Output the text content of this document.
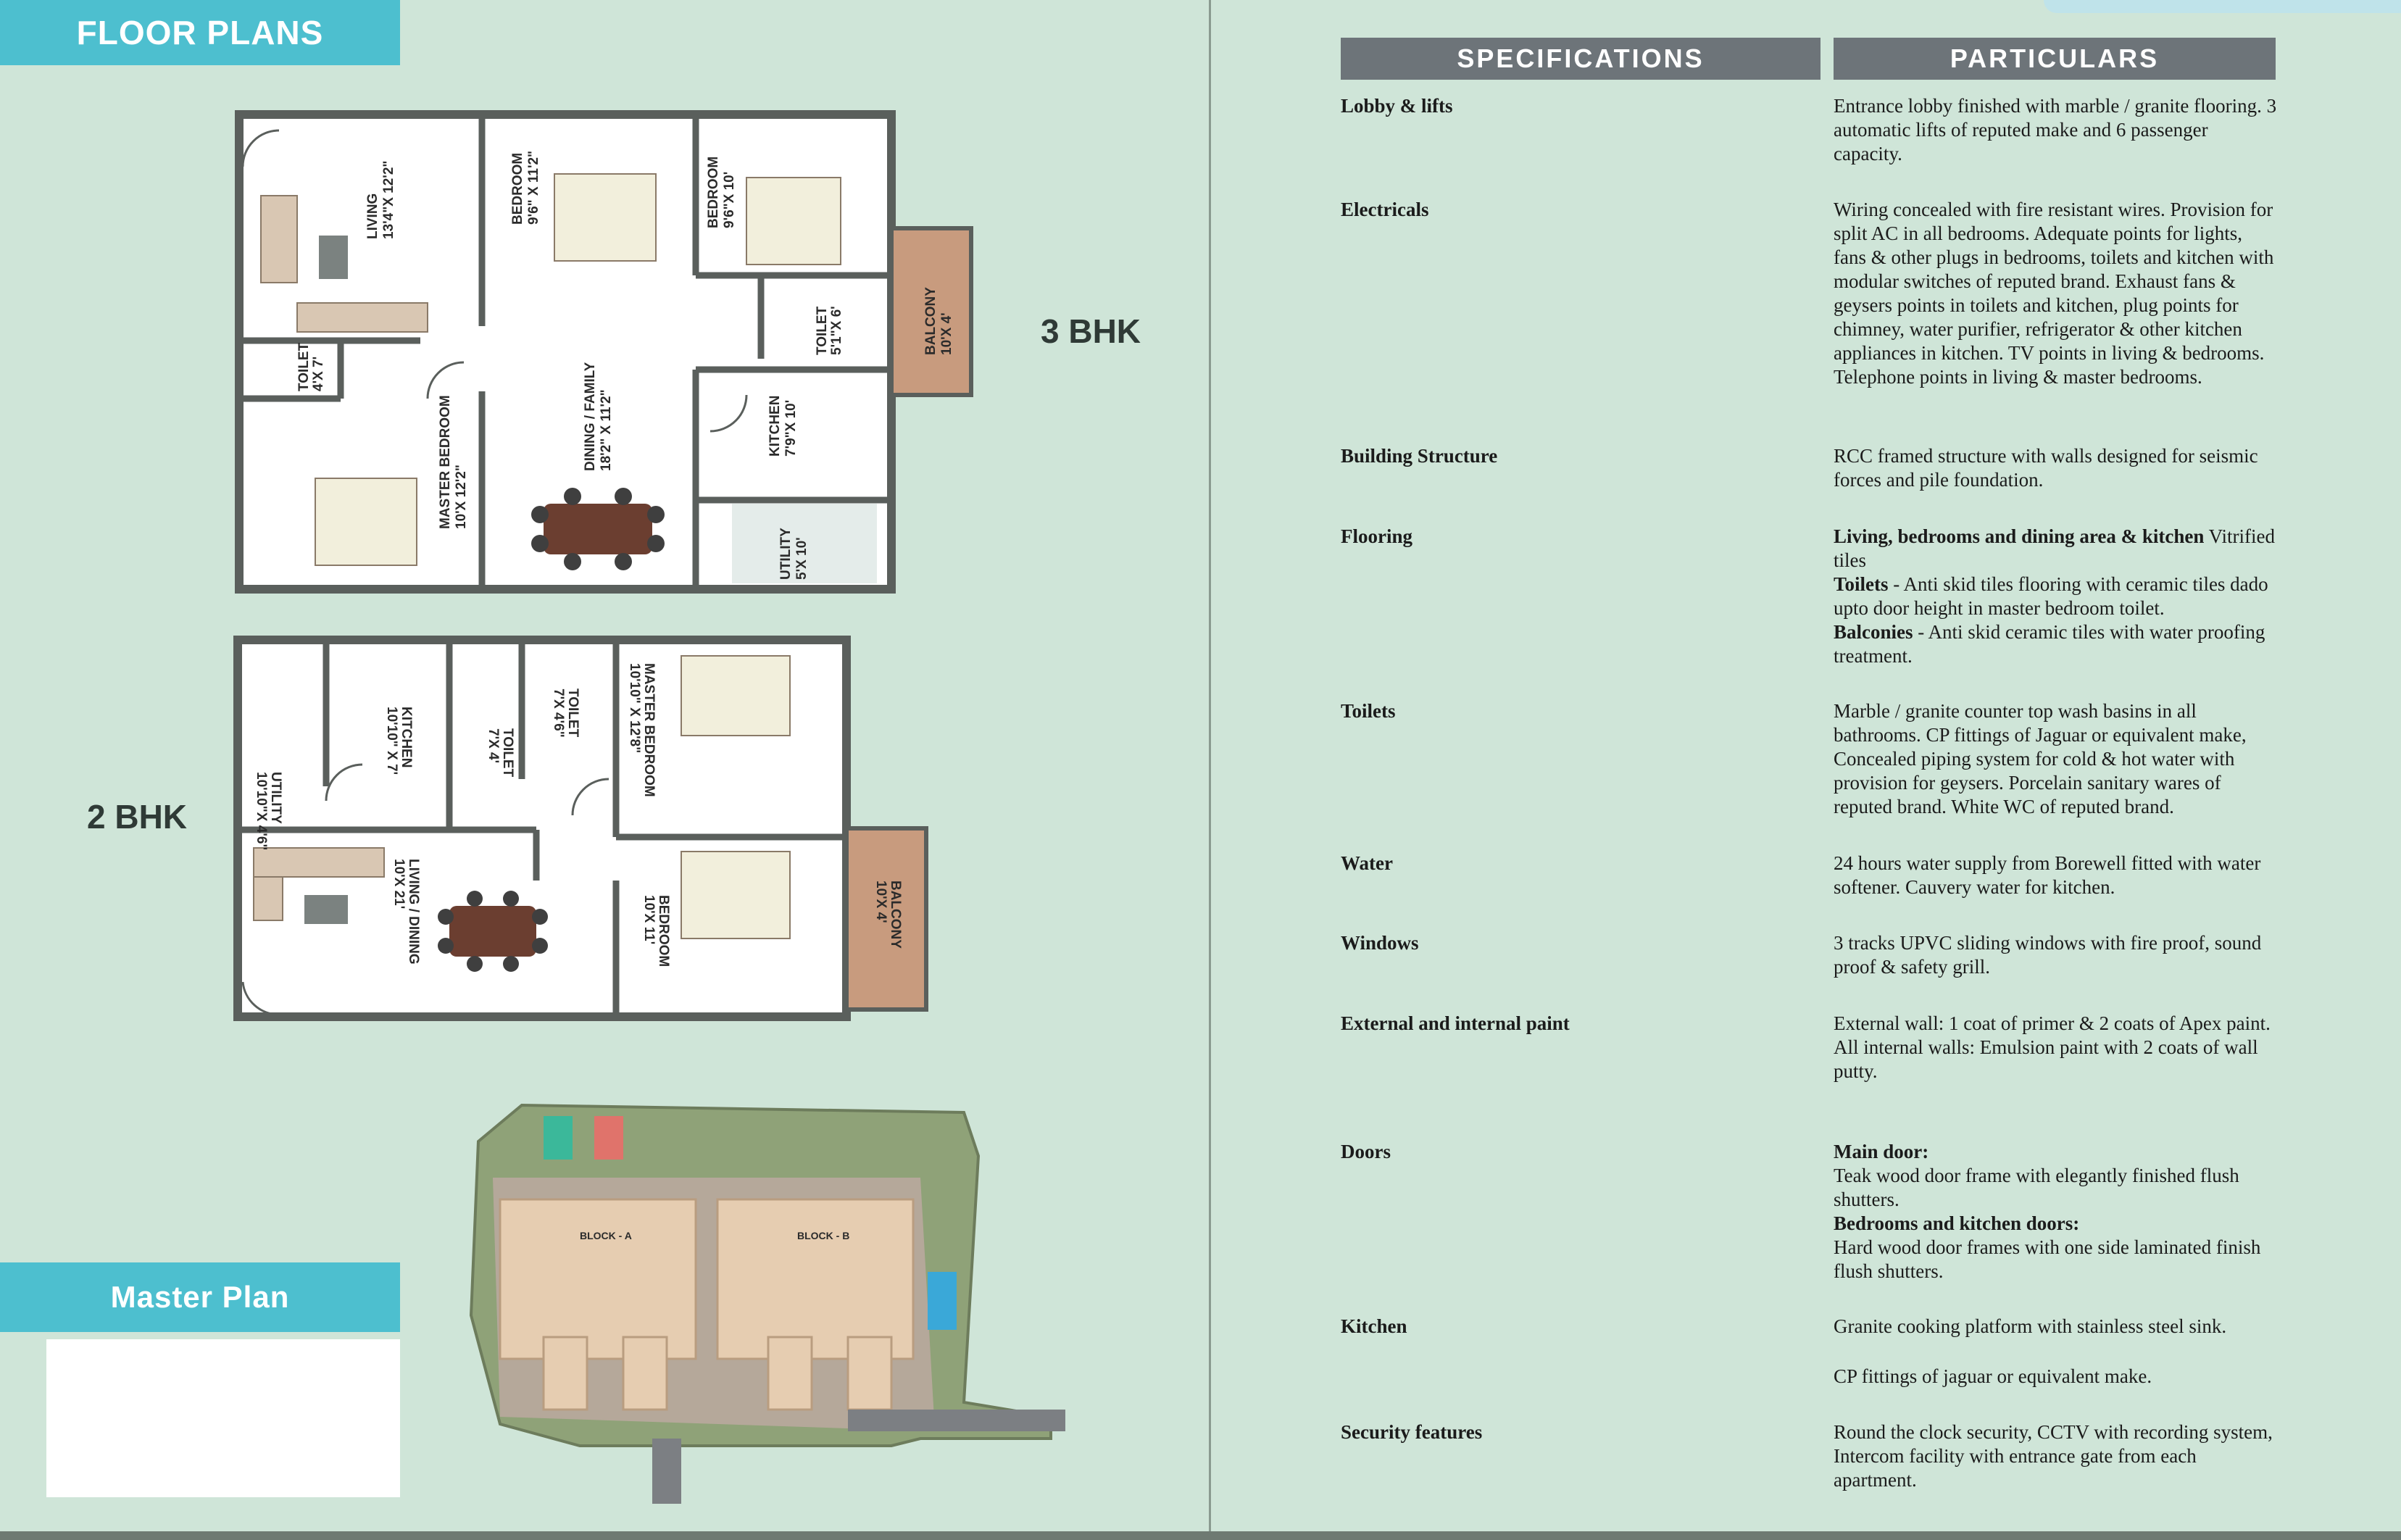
FLOOR PLANS
LIVING 13'4"X 12'2"	BEDROOM 9'6" X 11'2"	BEDROOM 9'6"X 10'
TOILET 4'X 7'
TOILET 5'1"X 6'
MASTER BEDROOM 10'X 12'2"
DINING / FAMILY 18'2" X 11'2"	KITCHEN 7'9"X 10'
UTILITY 5'X 10'
BALCONY 10'X 4'	3 BHK
UTILITY
10'10"X 4'6"
KITCHEN
10'10" X 7'	TOILET
7'X 4'
TOILET
7'X 4'6"	MASTER BEDROOM
10'10" X 12'8"
LIVING / DINING
10'X 21'
BEDROOM
10'X 11'	BALCONY
10'X 4'
2 BHK
BLOCK - A	BLOCK - B
Master Plan
SPECIFICATIONS	PARTICULARS
Lobby & lifts	Entrance lobby finished with marble / granite flooring. 3 automatic lifts of reputed make and 6 passenger capacity.
Electricals	Wiring concealed with fire resistant wires. Provision for split AC in all bedrooms. Adequate points for lights, fans & other plugs in bedrooms, toilets and kitchen with modular switches of reputed brand. Exhaust fans & geysers points in toilets and kitchen, plug points for chimney, water purifier, refrigerator & other kitchen appliances in kitchen. TV points in living & bedrooms. Telephone points in living & master bedrooms.
Building Structure	RCC framed structure with walls designed for seismic forces and pile foundation.
Flooring	Living, bedrooms and dining area & kitchen Vitrified tiles
Toilets - Anti skid tiles flooring with ceramic tiles dado upto door height in master bedroom toilet.
Balconies - Anti skid ceramic tiles with water proofing treatment.
Toilets	Marble / granite counter top wash basins in all bathrooms. CP fittings of Jaguar or equivalent make, Concealed piping system for cold & hot water with provision for geysers. Porcelain sanitary wares of reputed brand. White WC of reputed brand.
Water	24 hours water supply from Borewell fitted with water softener. Cauvery water for kitchen.
Windows	3 tracks UPVC sliding windows with fire proof, sound proof & safety grill.
External and internal paint	External wall: 1 coat of primer & 2 coats of Apex paint.
All internal walls: Emulsion paint with 2 coats of wall putty.
Doors	Main door:
Teak wood door frame with elegantly finished flush shutters.
Bedrooms and kitchen doors:
Hard wood door frames with one side laminated finish flush shutters.
Kitchen	Granite cooking platform with stainless steel sink.
CP fittings of jaguar or equivalent make.
Security features	Round the clock security, CCTV with recording system, Intercom facility with entrance gate from each apartment.
